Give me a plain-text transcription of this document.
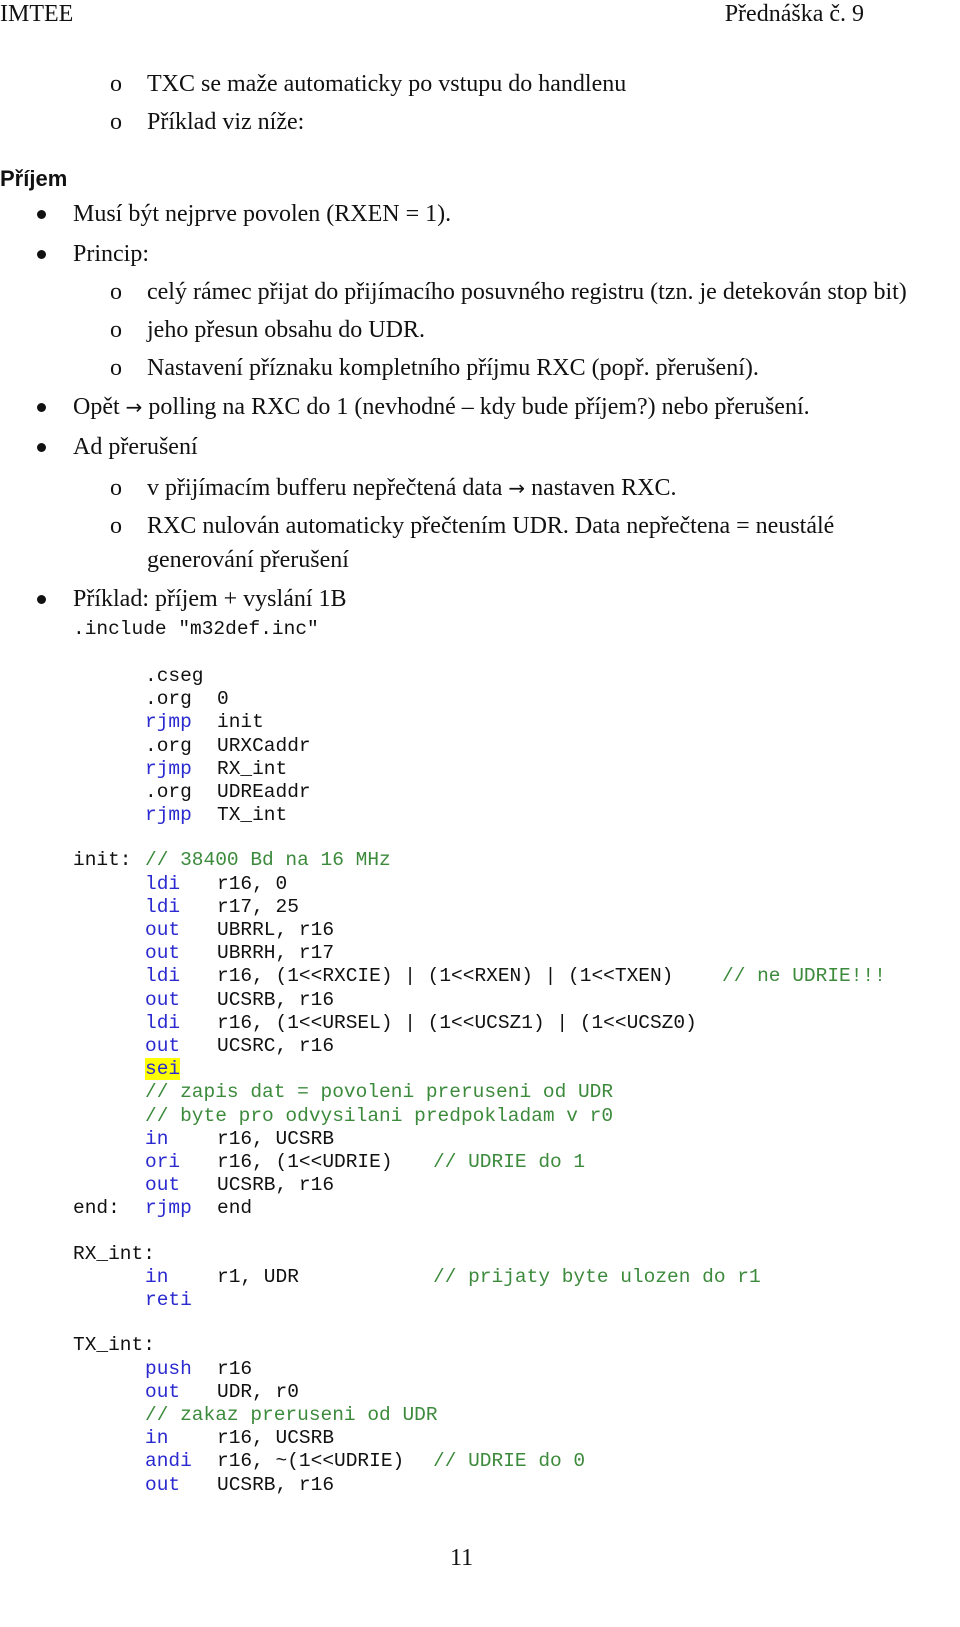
IMTEE	Přednáška č. 9
o TXC se maže automaticky po vstupu do handlenu
o Příklad viz níže:
Příjem
Musí být nejprve povolen (RXEN = 1).
Princip:
o celý rámec přijat do přijímacího posuvného registru (tzn. je detekován stop bit)
o jeho přesun obsahu do UDR.
o Nastavení příznaku kompletního příjmu RXC (popř. přerušení).
Opět → polling na RXC do 1 (nevhodné – kdy bude příjem?) nebo přerušení.
Ad přerušení
o v přijímacím bufferu nepřečtená data → nastaven RXC.
o RXC nulován automaticky přečtením UDR. Data nepřečtena = neustálé
generování přerušení
Příklad: příjem + vyslání 1B
.include "m32def.inc"
.cseg
.org 0
rjmp init
.org URXCaddr
rjmp RX_int
.org UDREaddr
rjmp TX_int
init: // 38400 Bd na 16 MHz
ldi r16, 0
ldi r17, 25
out UBRRL, r16
out UBRRH, r17
ldi r16, (1<<RXCIE) | (1<<RXEN) | (1<<TXEN) // ne UDRIE!!!
out UCSRB, r16
ldi r16, (1<<URSEL) | (1<<UCSZ1) | (1<<UCSZ0)
out UCSRC, r16
sei
// zapis dat = povoleni preruseni od UDR
// byte pro odvysilani predpokladam v r0
in r16, UCSRB
ori r16, (1<<UDRIE) // UDRIE do 1
out UCSRB, r16
end: rjmp end
RX_int:
in r1, UDR	// prijaty byte ulozen do r1
reti
TX_int:
push r16
out UDR, r0
// zakaz preruseni od UDR
in r16, UCSRB
andi r16, ~(1<<UDRIE) // UDRIE do 0
out UCSRB, r16
11
